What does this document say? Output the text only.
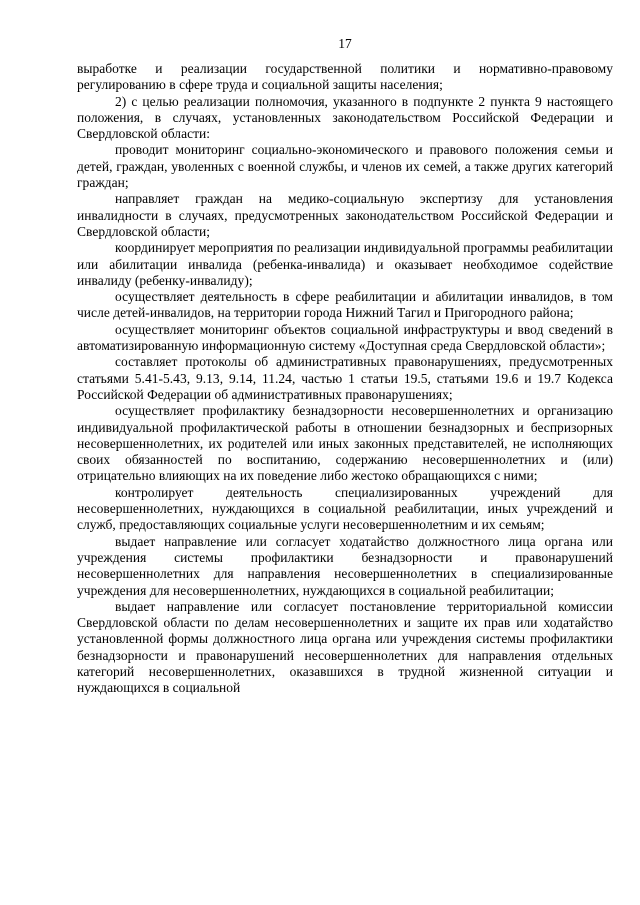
17

выработке и реализации государственной политики и нормативно-правовому регулированию в сфере труда и социальной защиты населения;

2) с целью реализации полномочия, указанного в подпункте 2 пункта 9 настоящего положения, в случаях, установленных законодательством Российской Федерации и Свердловской области:

проводит мониторинг социально-экономического и правового положения семьи и детей, граждан, уволенных с военной службы, и членов их семей, а также других категорий граждан;

направляет граждан на медико-социальную экспертизу для установления инвалидности в случаях, предусмотренных законодательством Российской Федерации и Свердловской области;

координирует мероприятия по реализации индивидуальной программы реабилитации или абилитации инвалида (ребенка-инвалида) и оказывает необходимое содействие инвалиду (ребенку-инвалиду);

осуществляет деятельность в сфере реабилитации и абилитации инвалидов, в том числе детей-инвалидов, на территории города Нижний Тагил и Пригородного района;

осуществляет мониторинг объектов социальной инфраструктуры и ввод сведений в автоматизированную информационную систему «Доступная среда Свердловской области»;

составляет протоколы об административных правонарушениях, предусмотренных статьями 5.41-5.43, 9.13, 9.14, 11.24, частью 1 статьи 19.5, статьями 19.6 и 19.7 Кодекса Российской Федерации об административных правонарушениях;

осуществляет профилактику безнадзорности несовершеннолетних и организацию индивидуальной профилактической работы в отношении безнадзорных и беспризорных несовершеннолетних, их родителей или иных законных представителей, не исполняющих своих обязанностей по воспитанию, содержанию несовершеннолетних и (или) отрицательно влияющих на их поведение либо жестоко обращающихся с ними;

контролирует деятельность специализированных учреждений для несовершеннолетних, нуждающихся в социальной реабилитации, иных учреждений и служб, предоставляющих социальные услуги несовершеннолетним и их семьям;

выдает направление или согласует ходатайство должностного лица органа или учреждения системы профилактики безнадзорности и правонарушений несовершеннолетних для направления несовершеннолетних в специализированные учреждения для несовершеннолетних, нуждающихся в социальной реабилитации;

выдает направление или согласует постановление территориальной комиссии Свердловской области по делам несовершеннолетних и защите их прав или ходатайство установленной формы должностного лица органа или учреждения системы профилактики безнадзорности и правонарушений несовершеннолетних для направления отдельных категорий несовершеннолетних, оказавшихся в трудной жизненной ситуации и нуждающихся в социальной
